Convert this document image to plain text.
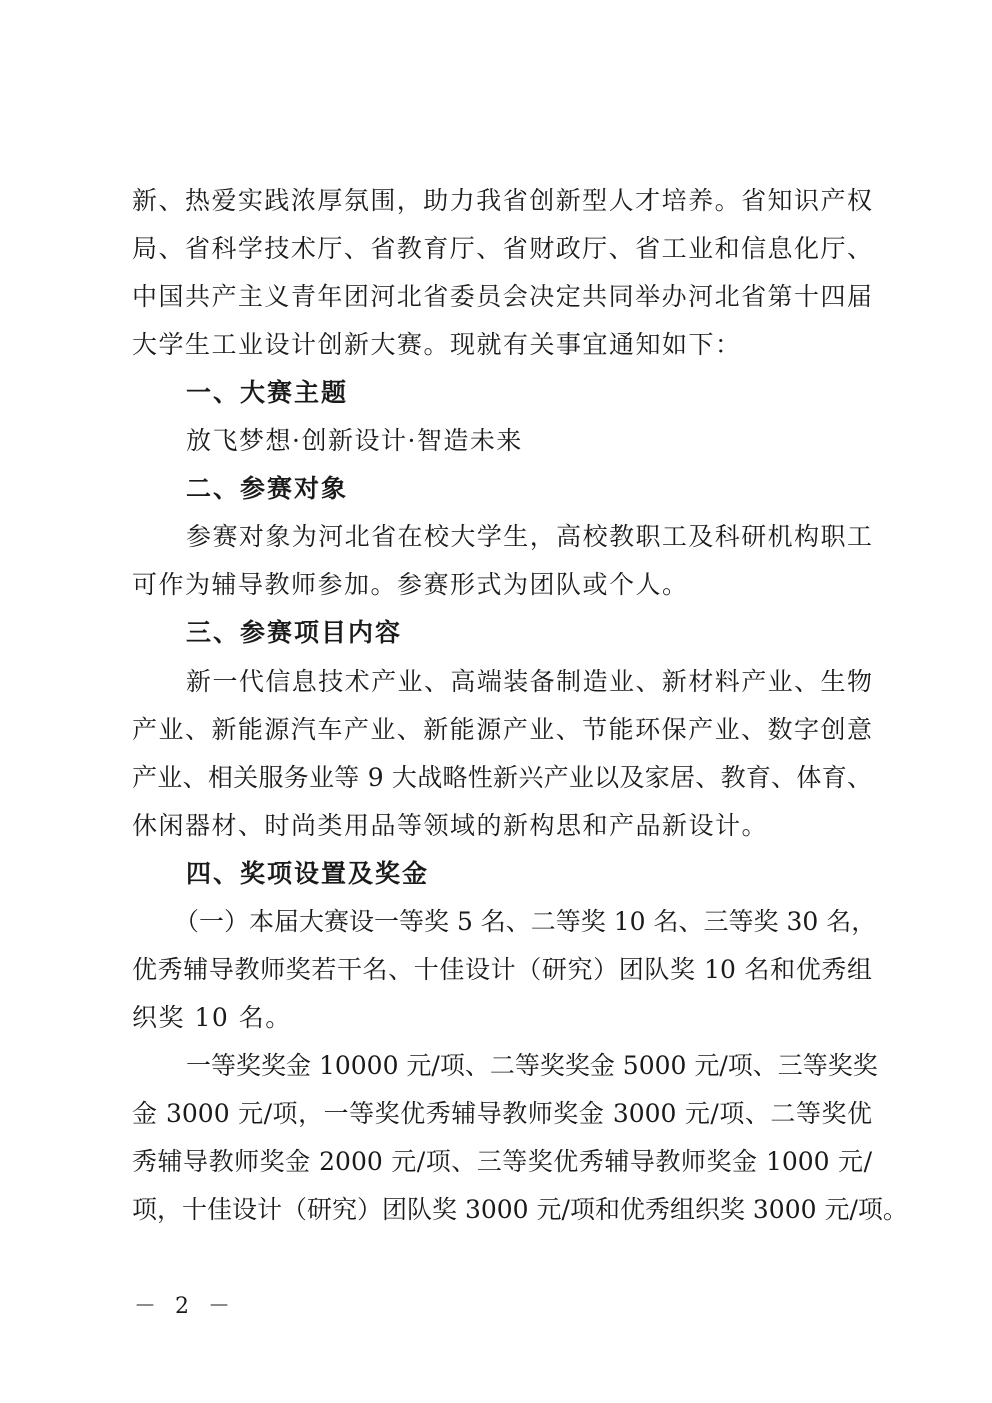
新、热爱实践浓厚氛围，助力我省创新型人才培养。省知识产权
局、省科学技术厅、省教育厅、省财政厅、省工业和信息化厅、
中国共产主义青年团河北省委员会决定共同举办河北省第十四届
大学生工业设计创新大赛。现就有关事宜通知如下：
一、大赛主题
放飞梦想·创新设计·智造未来
二、参赛对象
参赛对象为河北省在校大学生，高校教职工及科研机构职工
可作为辅导教师参加。参赛形式为团队或个人。
三、参赛项目内容
新一代信息技术产业、高端装备制造业、新材料产业、生物
产业、新能源汽车产业、新能源产业、节能环保产业、数字创意
产业、相关服务业等 9 大战略性新兴产业以及家居、教育、体育、
休闲器材、时尚类用品等领域的新构思和产品新设计。
四、奖项设置及奖金
（一）本届大赛设一等奖 5 名、二等奖 10 名、三等奖 30 名，
优秀辅导教师奖若干名、十佳设计（研究）团队奖 10 名和优秀组
织奖 10 名。
一等奖奖金 10000 元/项、二等奖奖金 5000 元/项、三等奖奖
金 3000 元/项，一等奖优秀辅导教师奖金 3000 元/项、二等奖优
秀辅导教师奖金 2000 元/项、三等奖优秀辅导教师奖金 1000 元/
项，十佳设计（研究）团队奖 3000 元/项和优秀组织奖 3000 元/项。
－ 2 －
